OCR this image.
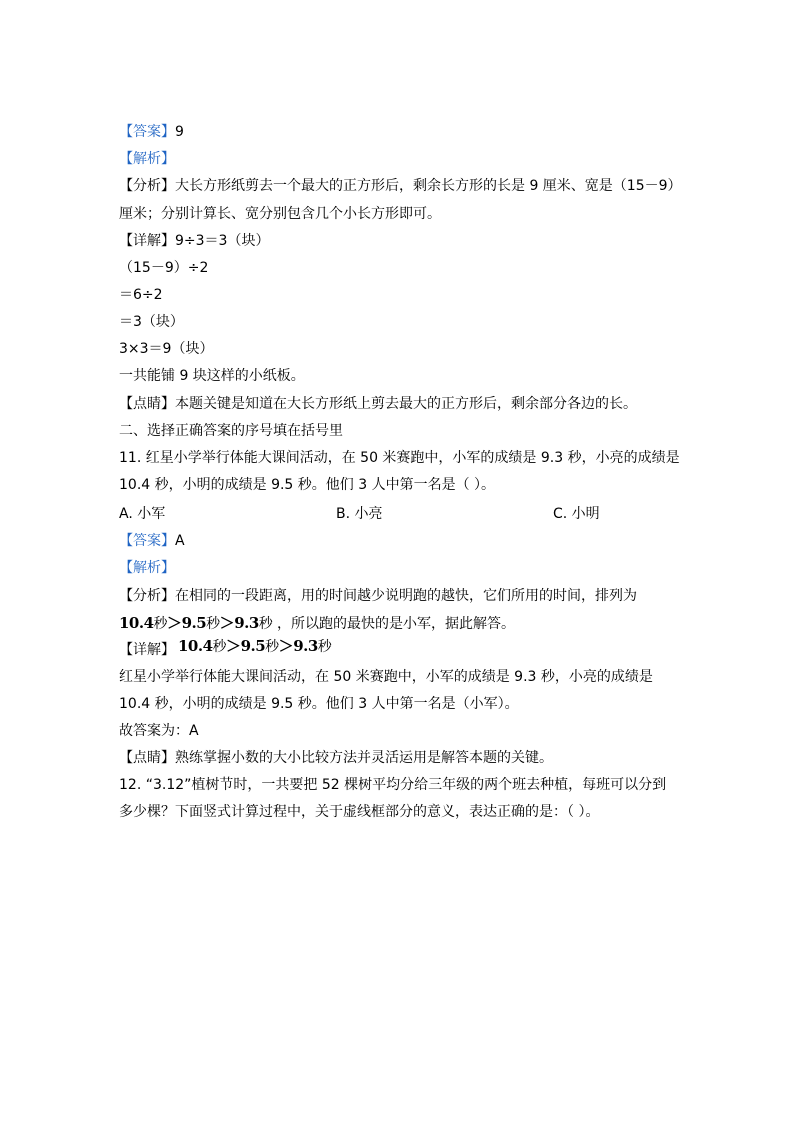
【答案】9
【解析】
【分析】大长方形纸剪去一个最大的正方形后，剩余长方形的长是 9 厘米、宽是（15－9）
厘米；分别计算长、宽分别包含几个小长方形即可。
【详解】9÷3＝3（块）
（15－9）÷2
＝6÷2
＝3（块）
3×3＝9（块）
一共能铺 9 块这样的小纸板。
【点睛】本题关键是知道在大长方形纸上剪去最大的正方形后，剩余部分各边的长。
二、选择正确答案的序号填在括号里
11. 红星小学举行体能大课间活动，在 50 米赛跑中，小军的成绩是 9.3 秒，小亮的成绩是
10.4 秒，小明的成绩是 9.5 秒。他们 3 人中第一名是（ ）。
A. 小军	B. 小亮	C. 小明
【答案】A
【解析】
【分析】在相同的一段距离，用的时间越少说明跑的越快，它们所用的时间，排列为
10.4秒＞9.5秒＞9.3秒 ，所以跑的最快的是小军，据此解答。
10.4秒＞9.5秒＞9.3秒
【详解】
红星小学举行体能大课间活动，在 50 米赛跑中，小军的成绩是 9.3 秒，小亮的成绩是
10.4 秒，小明的成绩是 9.5 秒。他们 3 人中第一名是（小军）。
故答案为：A
【点睛】熟练掌握小数的大小比较方法并灵活运用是解答本题的关键。
12. “3.12”植树节时，一共要把 52 棵树平均分给三年级的两个班去种植，每班可以分到
多少棵？下面竖式计算过程中，关于虚线框部分的意义，表达正确的是：（ ）。
